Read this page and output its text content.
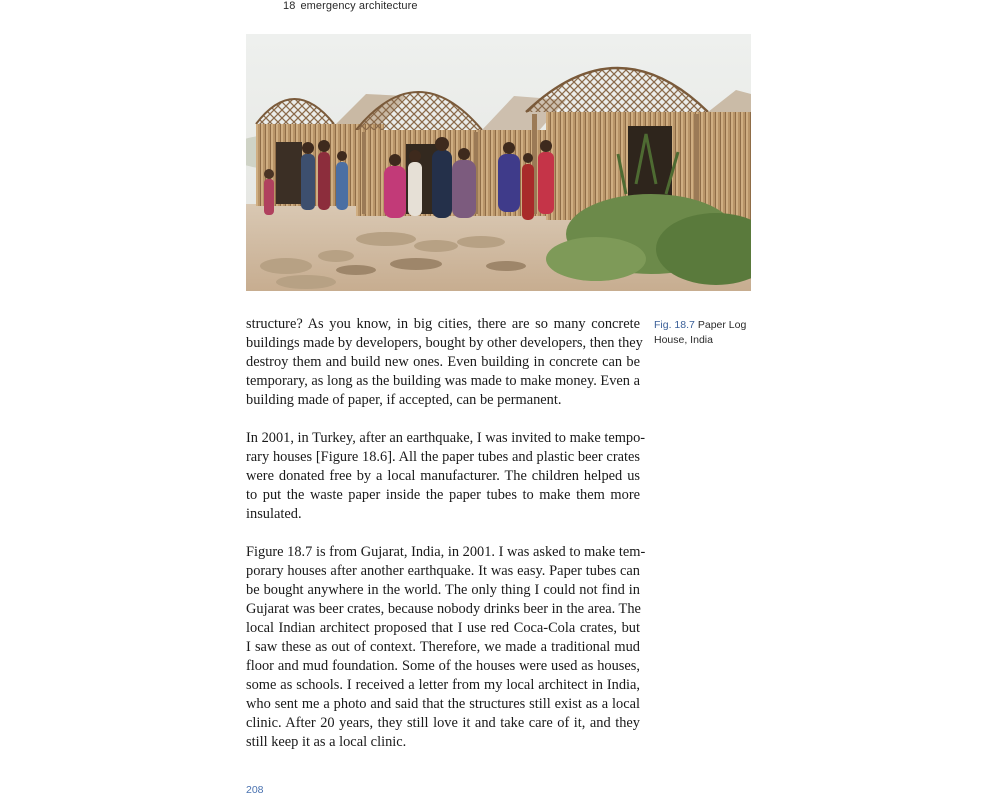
18 emergency architecture
Fig. 18.7 Paper Log House, India
structure? As you know, in big cities, there are so many concrete
buildings made by developers, bought by other developers, then they
destroy them and build new ones. Even building in concrete can be
temporary, as long as the building was made to make money. Even a
building made of paper, if accepted, can be permanent.
In 2001, in Turkey, after an earthquake, I was invited to make tempo-
rary houses [Figure 18.6]. All the paper tubes and plastic beer crates
were donated free by a local manufacturer. The children helped us
to put the waste paper inside the paper tubes to make them more
insulated.
Figure 18.7 is from Gujarat, India, in 2001. I was asked to make tem-
porary houses after another earthquake. It was easy. Paper tubes can
be bought anywhere in the world. The only thing I could not find in
Gujarat was beer crates, because nobody drinks beer in the area. The
local Indian architect proposed that I use red Coca-Cola crates, but
I saw these as out of context. Therefore, we made a traditional mud
floor and mud foundation. Some of the houses were used as houses,
some as schools. I received a letter from my local architect in India,
who sent me a photo and said that the structures still exist as a local
clinic. After 20 years, they still love it and take care of it, and they
still keep it as a local clinic.
208
